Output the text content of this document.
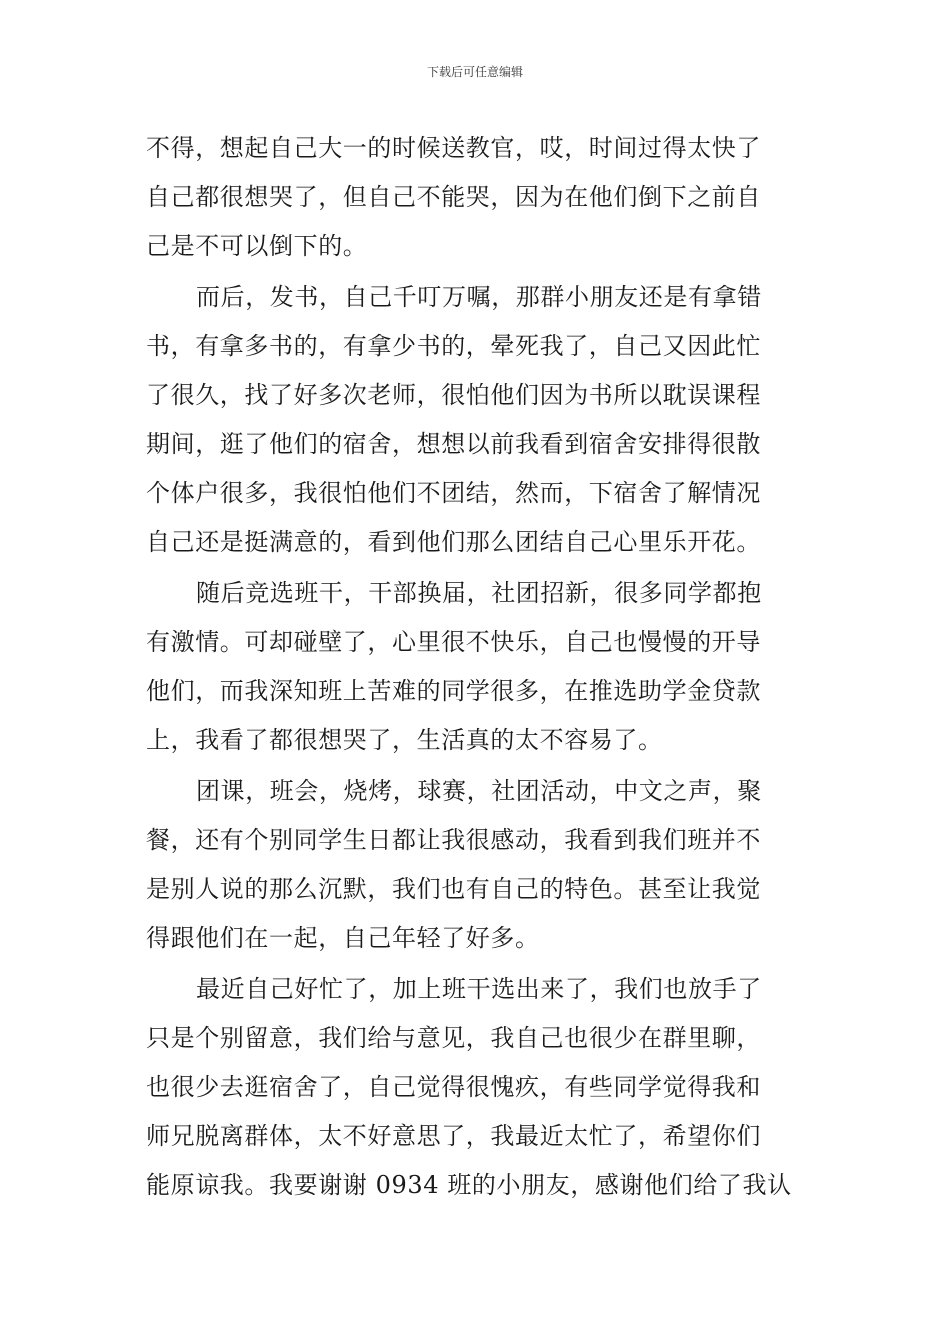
下载后可任意编辑
不得，想起自己大一的时候送教官，哎，时间过得太快了
自己都很想哭了，但自己不能哭，因为在他们倒下之前自
己是不可以倒下的。
而后，发书，自己千叮万嘱，那群小朋友还是有拿错
书，有拿多书的，有拿少书的，晕死我了，自己又因此忙
了很久，找了好多次老师，很怕他们因为书所以耽误课程
期间，逛了他们的宿舍，想想以前我看到宿舍安排得很散
个体户很多，我很怕他们不团结，然而，下宿舍了解情况
自己还是挺满意的，看到他们那么团结自己心里乐开花。
随后竞选班干，干部换届，社团招新，很多同学都抱
有激情。可却碰壁了，心里很不快乐，自己也慢慢的开导
他们，而我深知班上苦难的同学很多，在推选助学金贷款
上，我看了都很想哭了，生活真的太不容易了。
团课，班会，烧烤，球赛，社团活动，中文之声，聚
餐，还有个别同学生日都让我很感动，我看到我们班并不
是别人说的那么沉默，我们也有自己的特色。甚至让我觉
得跟他们在一起，自己年轻了好多。
最近自己好忙了，加上班干选出来了，我们也放手了
只是个别留意，我们给与意见，我自己也很少在群里聊，
也很少去逛宿舍了，自己觉得很愧疚，有些同学觉得我和
师兄脱离群体，太不好意思了，我最近太忙了，希望你们
能原谅我。我要谢谢 0934 班的小朋友，感谢他们给了我认
